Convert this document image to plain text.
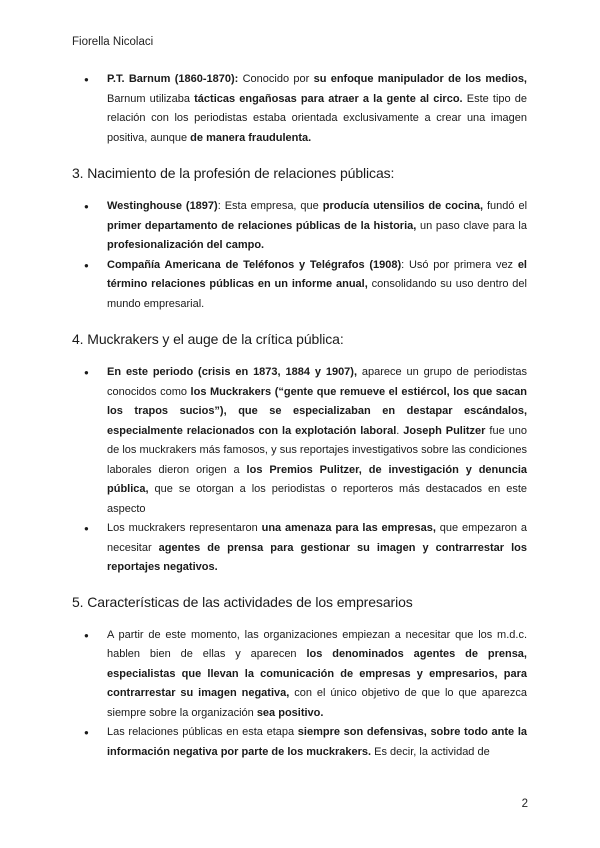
Fiorella Nicolaci
● P.T. Barnum (1860-1870): Conocido por su enfoque manipulador de los medios, Barnum utilizaba tácticas engañosas para atraer a la gente al circo. Este tipo de relación con los periodistas estaba orientada exclusivamente a crear una imagen positiva, aunque de manera fraudulenta.
3. Nacimiento de la profesión de relaciones públicas:
● Westinghouse (1897): Esta empresa, que producía utensilios de cocina, fundó el primer departamento de relaciones públicas de la historia, un paso clave para la profesionalización del campo.
● Compañía Americana de Teléfonos y Telégrafos (1908): Usó por primera vez el término relaciones públicas en un informe anual, consolidando su uso dentro del mundo empresarial.
4. Muckrakers y el auge de la crítica pública:
● En este periodo (crisis en 1873, 1884 y 1907), aparece un grupo de periodistas conocidos como los Muckrakers (“gente que remueve el estiércol, los que sacan los trapos sucios”), que se especializaban en destapar escándalos, especialmente relacionados con la explotación laboral. Joseph Pulitzer fue uno de los muckrakers más famosos, y sus reportajes investigativos sobre las condiciones laborales dieron origen a los Premios Pulitzer, de investigación y denuncia pública, que se otorgan a los periodistas o reporteros más destacados en este aspecto
● Los muckrakers representaron una amenaza para las empresas, que empezaron a necesitar agentes de prensa para gestionar su imagen y contrarrestar los reportajes negativos.
5. Características de las actividades de los empresarios
● A partir de este momento, las organizaciones empiezan a necesitar que los m.d.c. hablen bien de ellas y aparecen los denominados agentes de prensa, especialistas que llevan la comunicación de empresas y empresarios, para contrarrestar su imagen negativa, con el único objetivo de que lo que aparezca siempre sobre la organización sea positivo.
● Las relaciones públicas en esta etapa siempre son defensivas, sobre todo ante la información negativa por parte de los muckrakers. Es decir, la actividad de
2
